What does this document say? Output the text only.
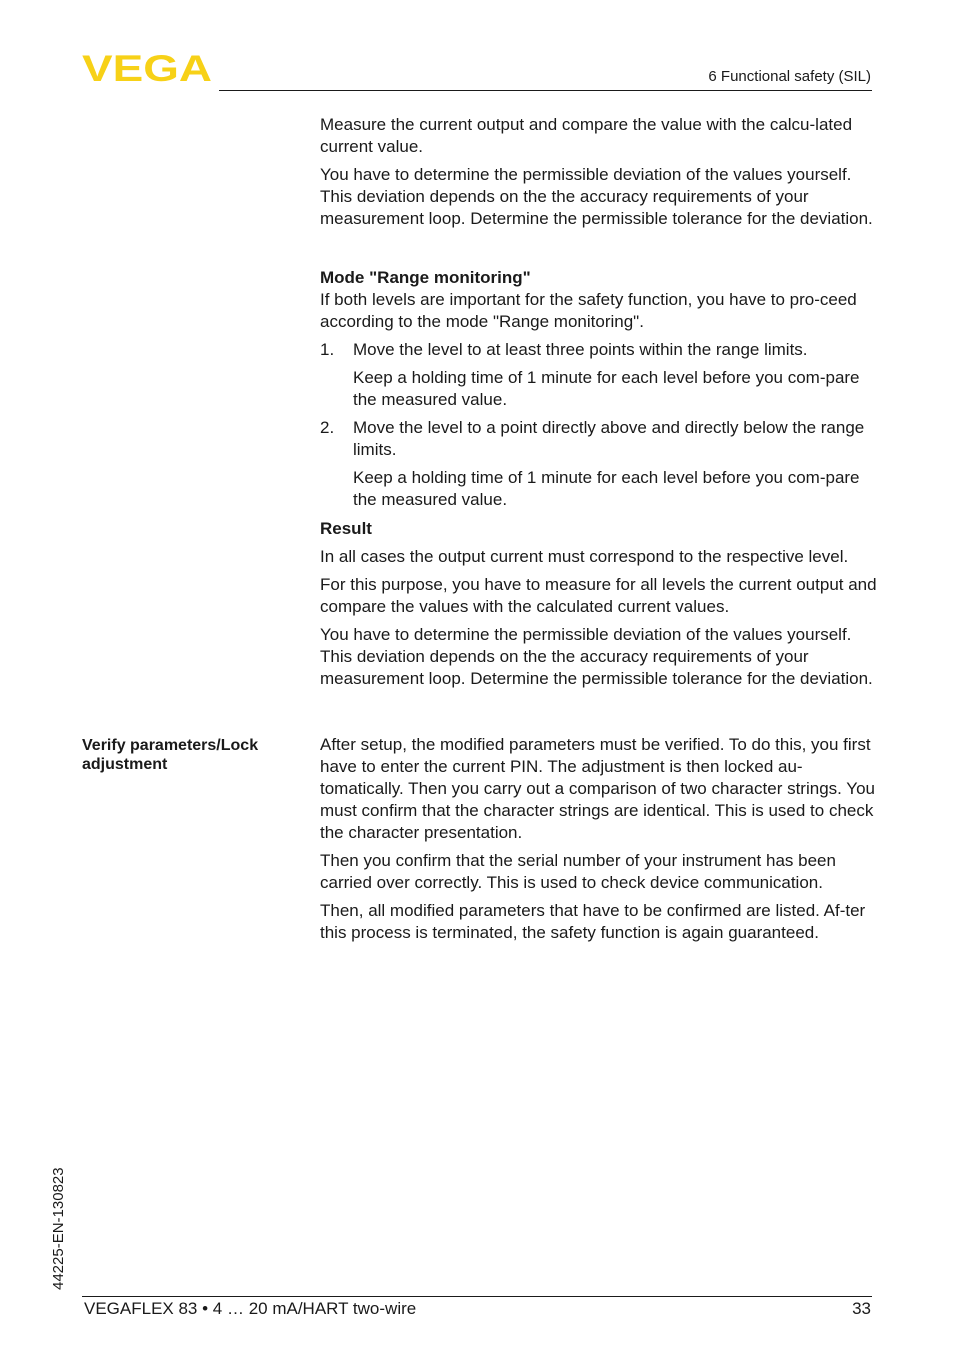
VEGA	6 Functional safety (SIL)

Measure the current output and compare the value with the calcu-lated current value.

You have to determine the permissible deviation of the values yourself. This deviation depends on the the accuracy requirements of your measurement loop. Determine the permissible tolerance for the deviation.

Mode "Range monitoring"

If both levels are important for the safety function, you have to pro-ceed according to the mode "Range monitoring".

1. Move the level to at least three points within the range limits.
Keep a holding time of 1 minute for each level before you com-pare the measured value.
2. Move the level to a point directly above and directly below the range limits.
Keep a holding time of 1 minute for each level before you com-pare the measured value.
Result

In all cases the output current must correspond to the respective level.

For this purpose, you have to measure for all levels the current output and compare the values with the calculated current values.

You have to determine the permissible deviation of the values yourself. This deviation depends on the the accuracy requirements of your measurement loop. Determine the permissible tolerance for the deviation.

Verify parameters/Lock adjustment

After setup, the modified parameters must be verified. To do this, you first have to enter the current PIN. The adjustment is then locked au-tomatically. Then you carry out a comparison of two character strings. You must confirm that the character strings are identical. This is used to check the character presentation.

Then you confirm that the serial number of your instrument has been carried over correctly. This is used to check device communication.

Then, all modified parameters that have to be confirmed are listed. Af-ter this process is terminated, the safety function is again guaranteed.

44225-EN-130823
VEGAFLEX 83 • 4 … 20 mA/HART two-wire	33
